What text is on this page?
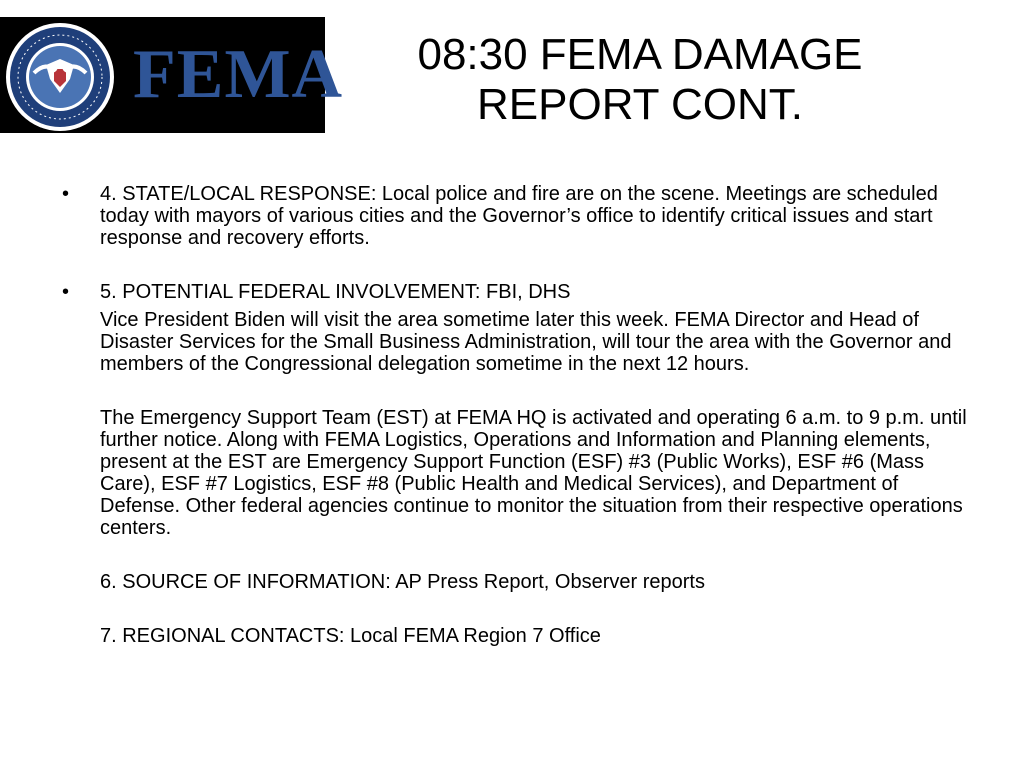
FEMA	08:30 FEMA DAMAGE
REPORT CONT.

• 4. STATE/LOCAL RESPONSE: Local police and fire are on the scene. Meetings are scheduled today with mayors of various cities and the Governor’s office to identify critical issues and start response and recovery efforts.

• 5. POTENTIAL FEDERAL INVOLVEMENT: FBI, DHS

Vice President Biden will visit the area sometime later this week. FEMA Director and Head of Disaster Services for the Small Business Administration, will tour the area with the Governor and members of the Congressional delegation sometime in the next 12 hours.

The Emergency Support Team (EST) at FEMA HQ is activated and operating 6 a.m. to 9 p.m. until further notice. Along with FEMA Logistics, Operations and Information and Planning elements, present at the EST are Emergency Support Function (ESF) #3 (Public Works), ESF #6 (Mass Care), ESF #7 Logistics, ESF #8 (Public Health and Medical Services), and Department of Defense. Other federal agencies continue to monitor the situation from their respective operations centers.

6. SOURCE OF INFORMATION: AP Press Report, Observer reports

7. REGIONAL CONTACTS: Local FEMA Region 7 Office
